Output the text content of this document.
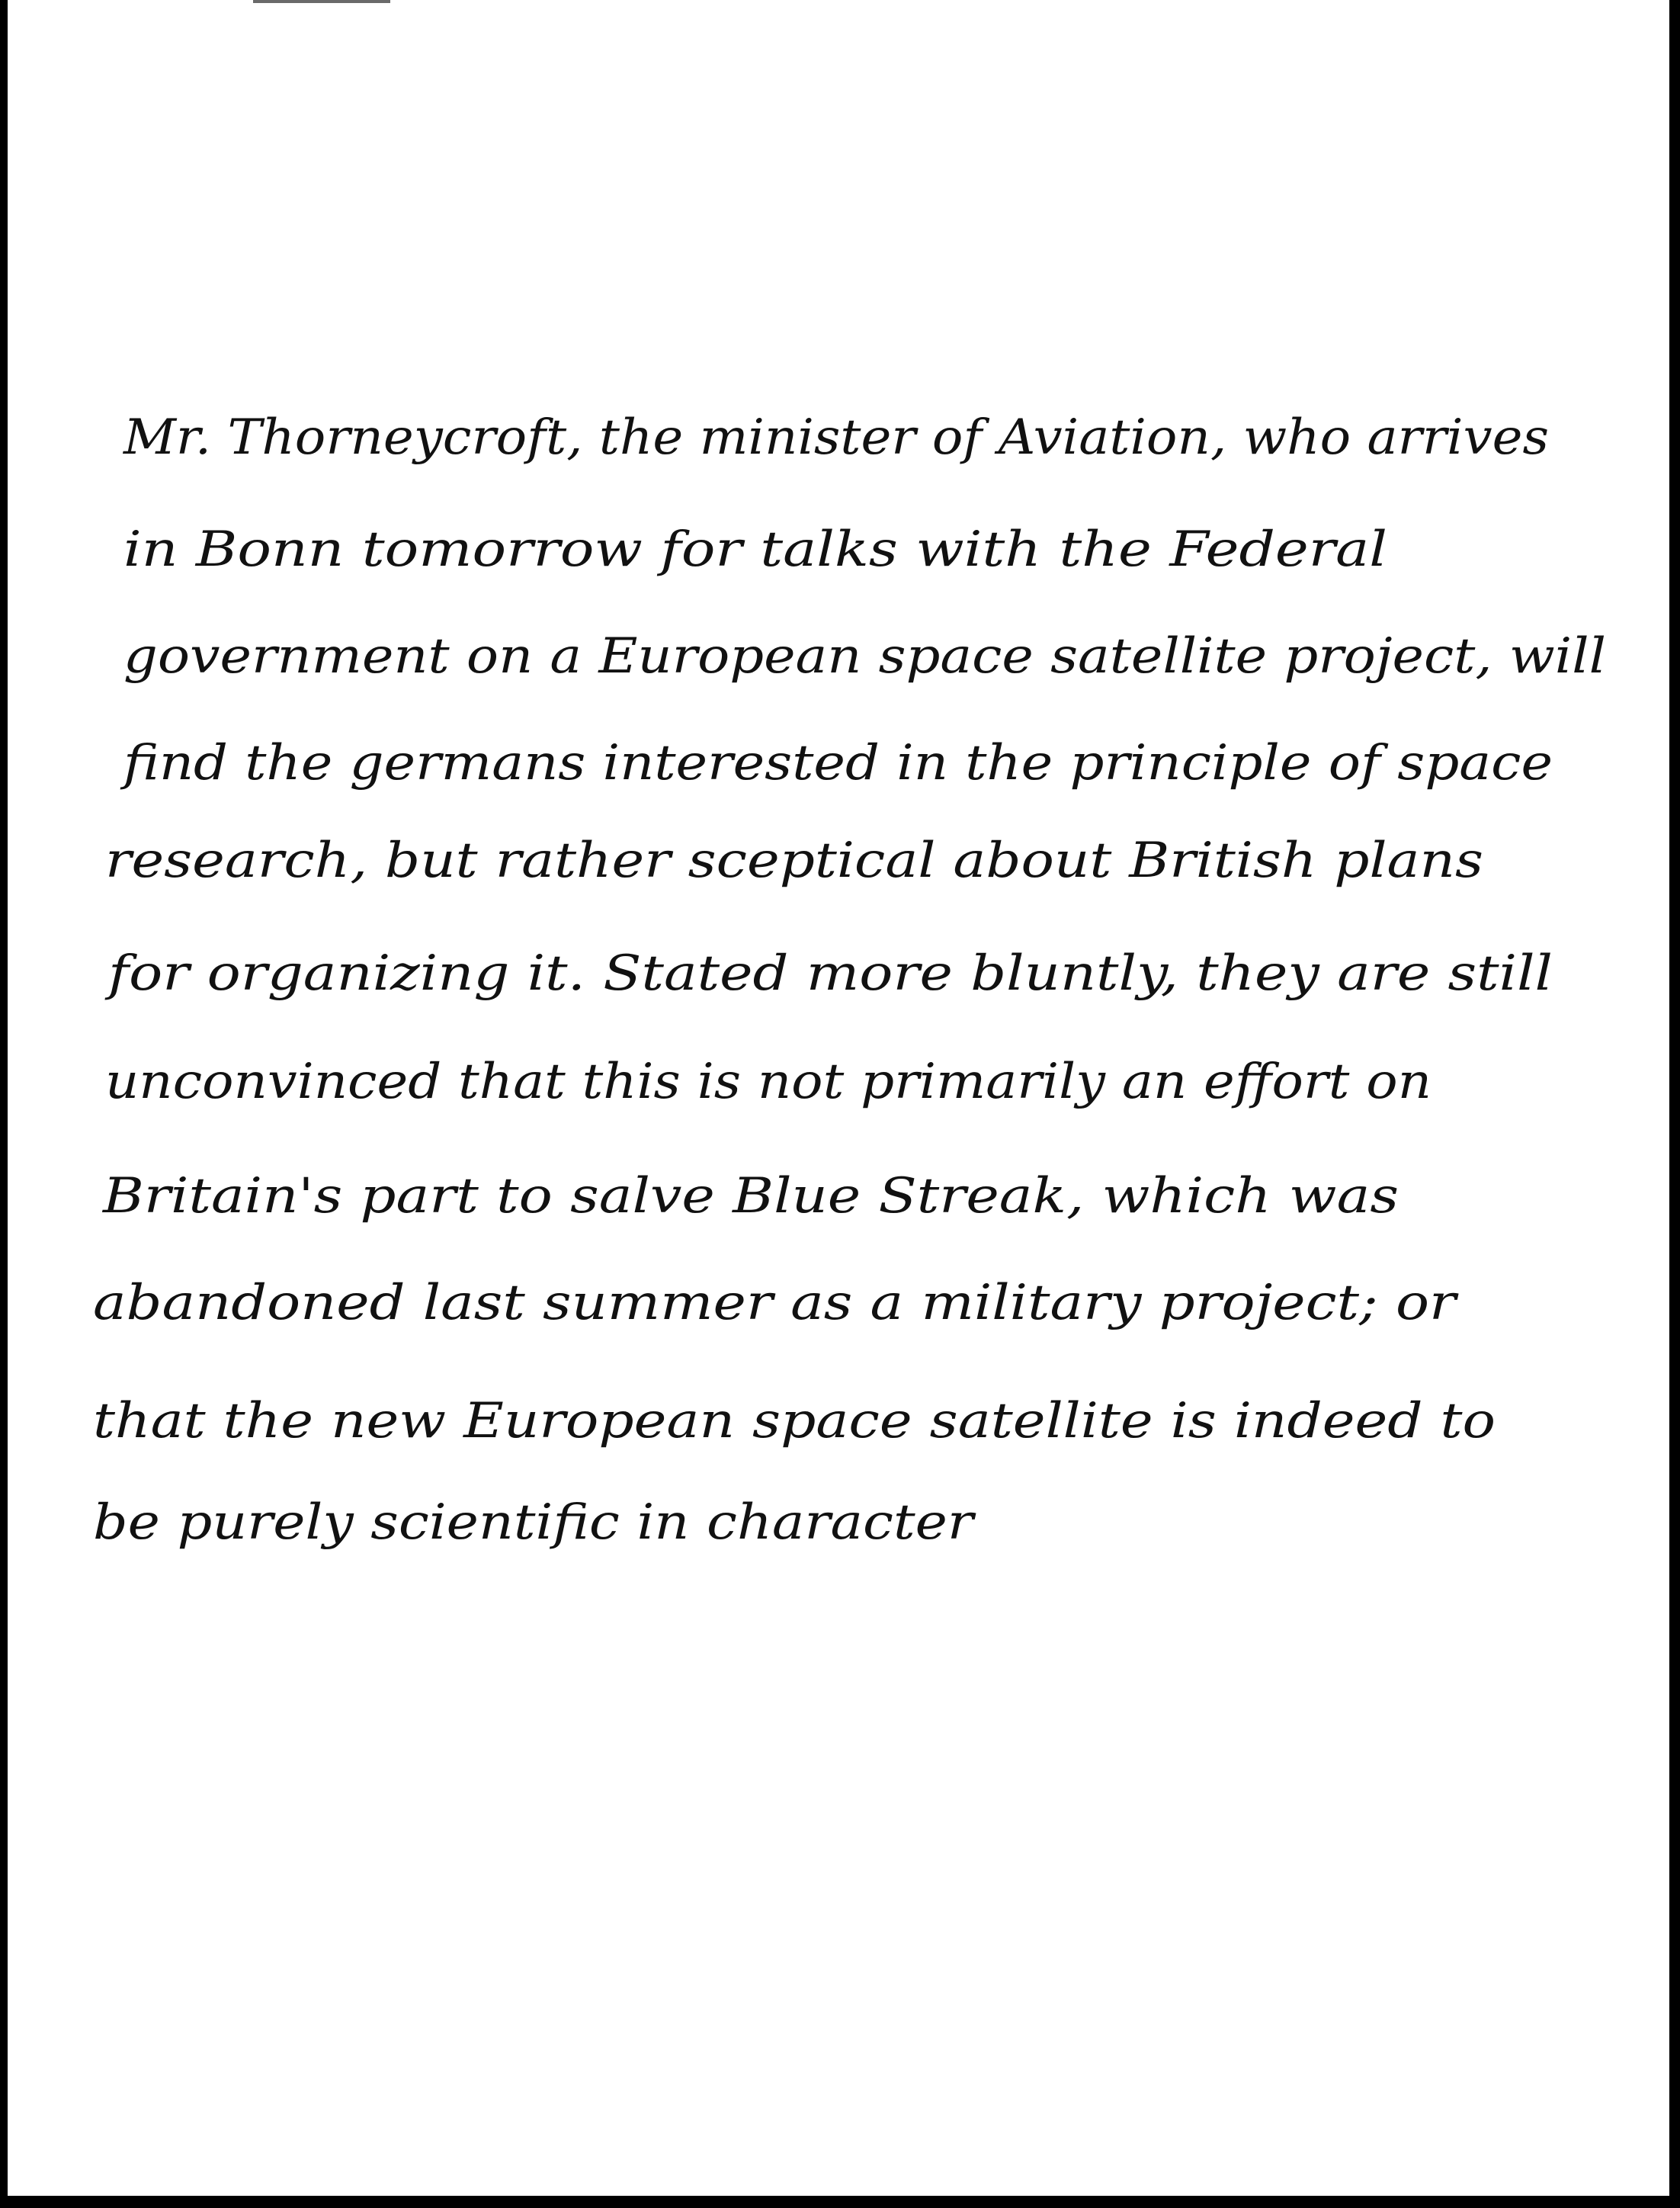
Mr. Thorneycroft, the minister of Aviation, who arrives
in Bonn tomorrow for talks with the Federal
government on a European space satellite project, will
find the germans interested in the principle of space
research, but rather sceptical about British plans
for organizing it. Stated more bluntly, they are still
unconvinced that this is not primarily an effort on
Britain's part to salve Blue Streak, which was
abandoned last summer as a military project; or
that the new European space satellite is indeed to
be purely scientific in character
